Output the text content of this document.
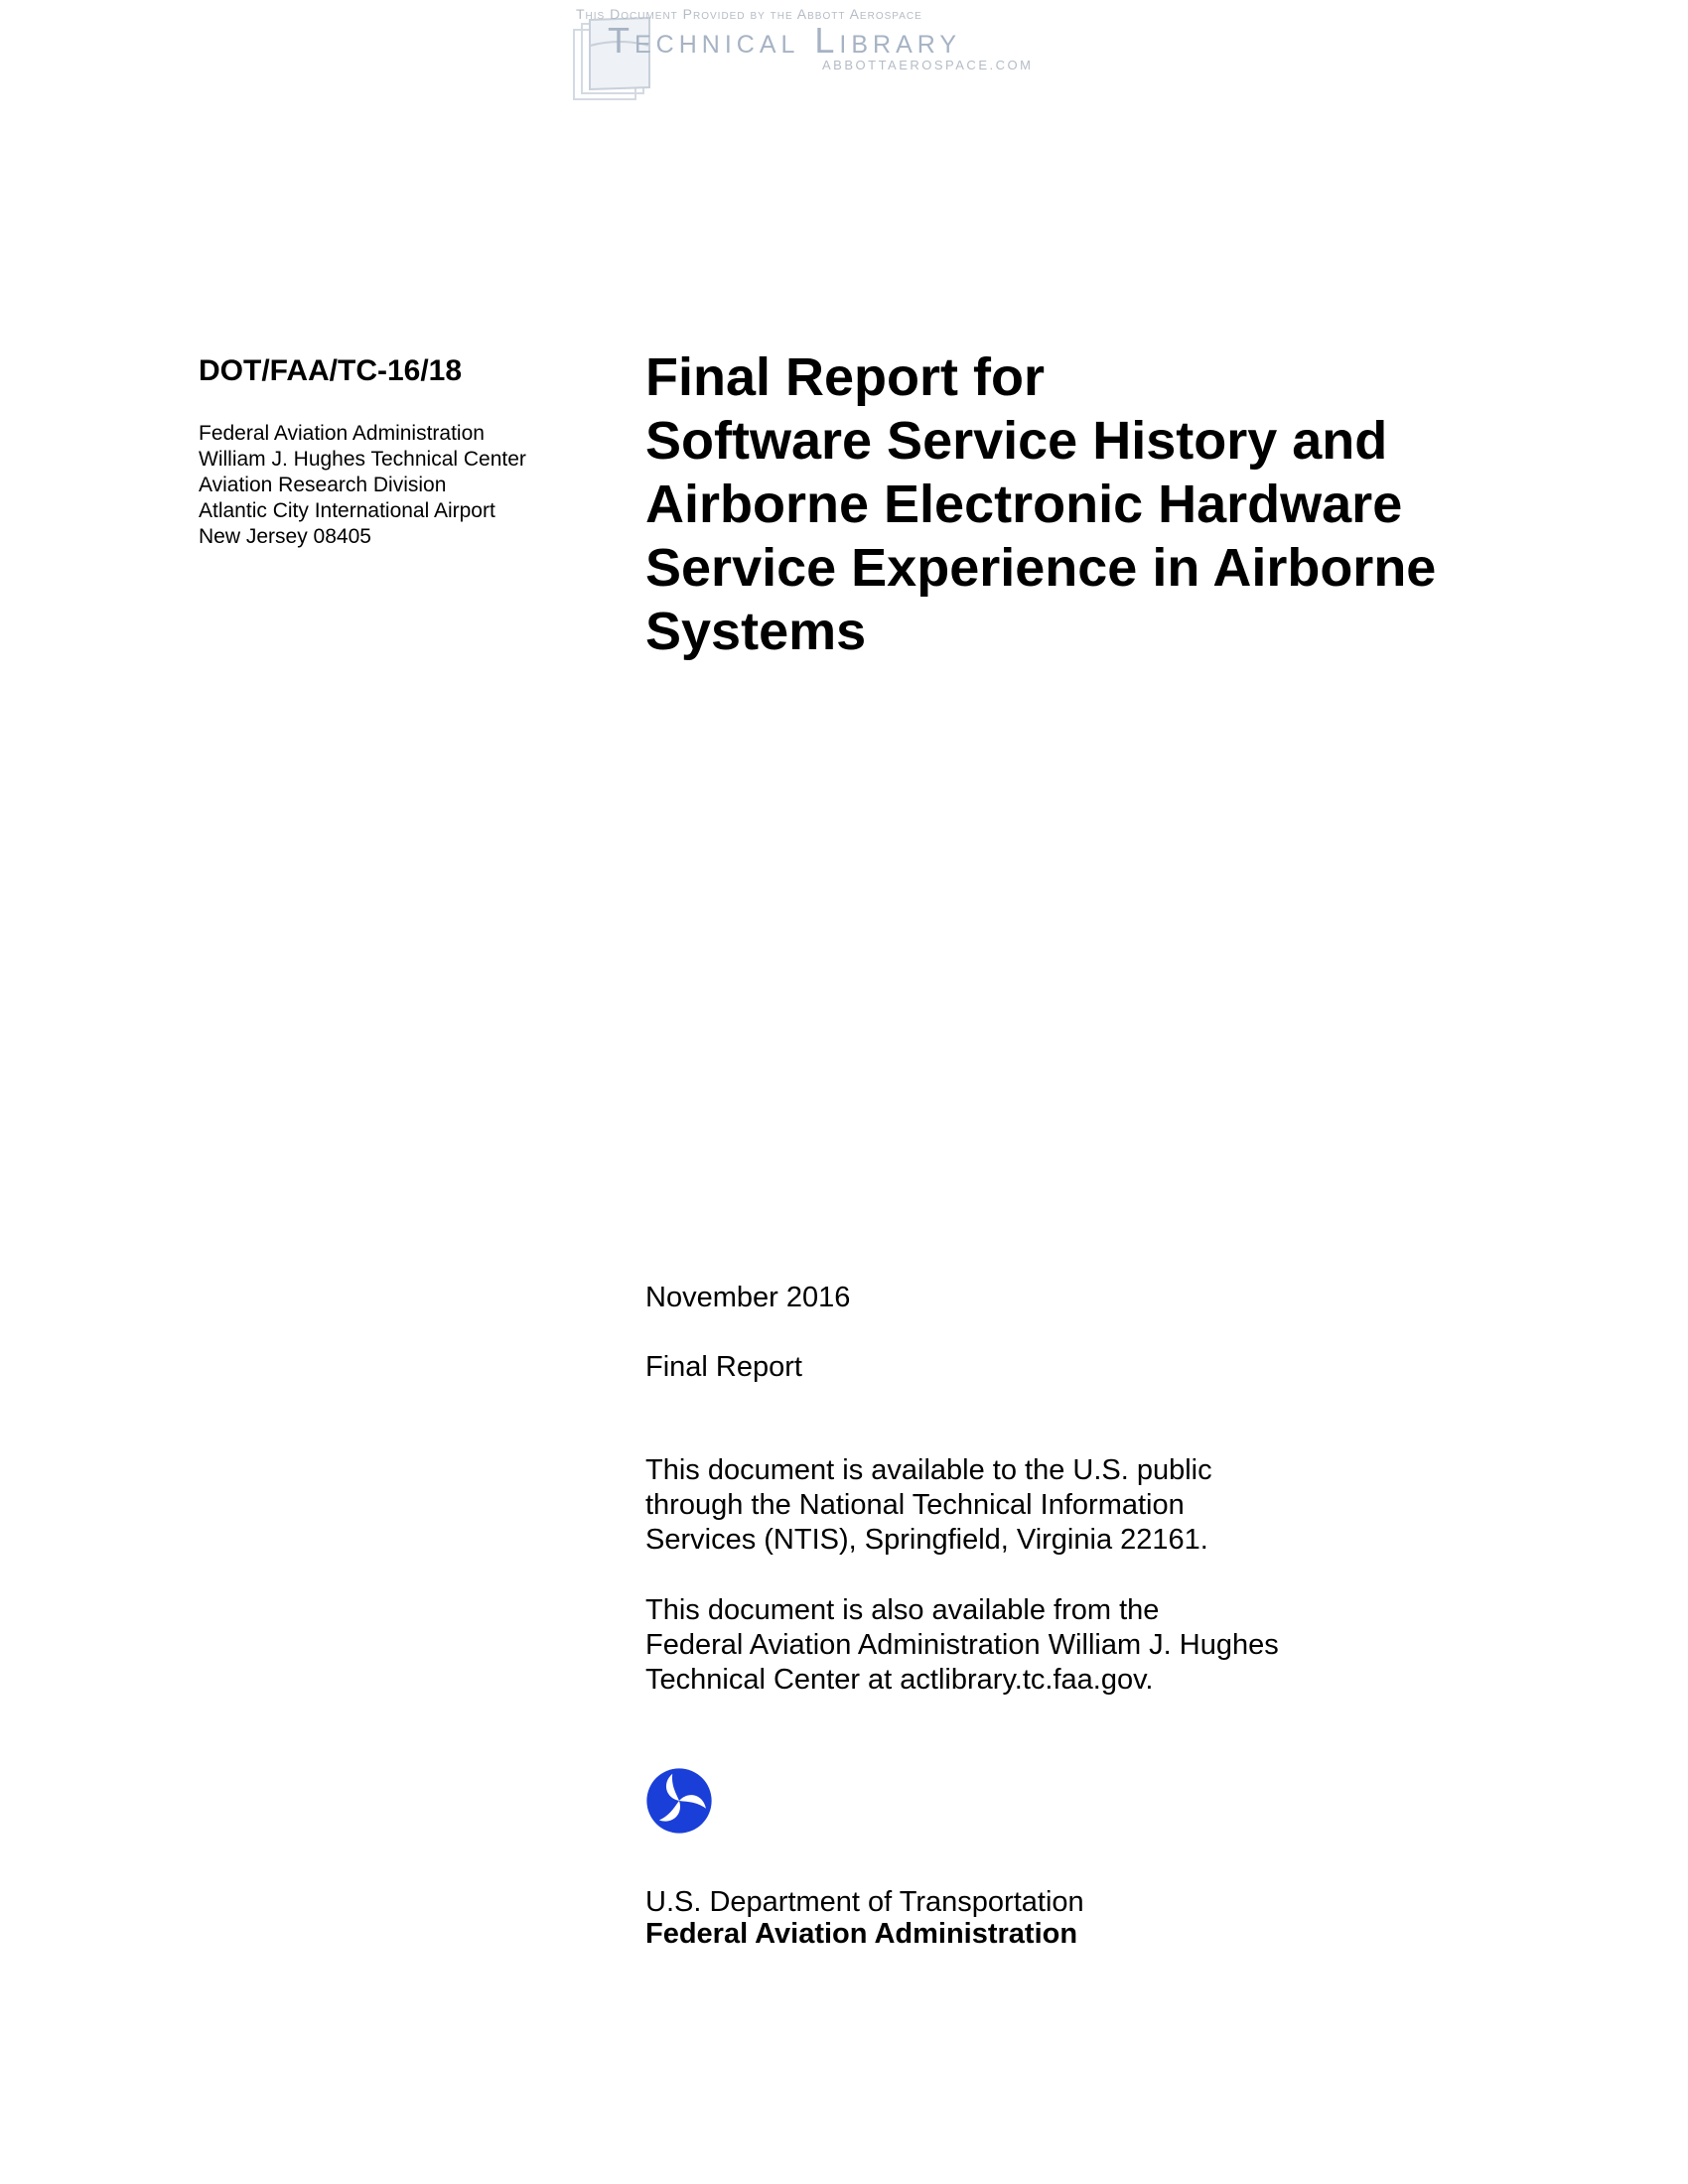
This Document Provided by the Abbott Aerospace
Technical Library
ABBOTTAEROSPACE.COM
DOT/FAA/TC-16/18
Federal Aviation Administration
William J. Hughes Technical Center
Aviation Research Division
Atlantic City International Airport
New Jersey 08405
Final Report for
Software Service History and
Airborne Electronic Hardware
Service Experience in Airborne
Systems
November 2016
Final Report
This document is available to the U.S. public
through the National Technical Information
Services (NTIS), Springfield, Virginia 22161.
This document is also available from the
Federal Aviation Administration William J. Hughes
Technical Center at actlibrary.tc.faa.gov.
U.S. Department of Transportation
Federal Aviation Administration
